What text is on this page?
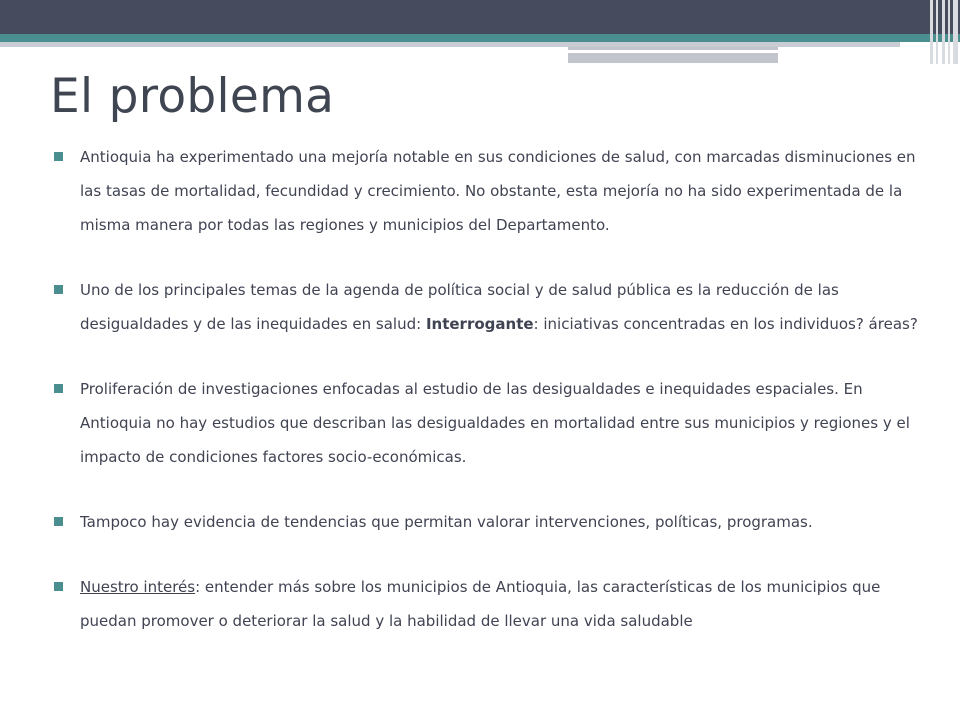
El problema
Antioquia ha experimentado una mejoría notable en sus condiciones de salud, con marcadas disminuciones en las tasas de mortalidad, fecundidad y crecimiento. No obstante, esta mejoría no ha sido experimentada de la misma manera por todas las regiones y municipios del Departamento.
Uno de los principales temas de la agenda de política social y de salud pública es la reducción de las desigualdades y de las inequidades en salud: Interrogante: iniciativas concentradas en los individuos? áreas?
Proliferación de investigaciones enfocadas al estudio de las desigualdades e inequidades espaciales. En Antioquia no hay estudios que describan las desigualdades en mortalidad entre sus municipios y regiones y el impacto de condiciones factores socio-económicas.
Tampoco hay evidencia de tendencias que permitan valorar intervenciones, políticas, programas.
Nuestro interés: entender más sobre los municipios de Antioquia, las características de los municipios que puedan promover o deteriorar la salud y la habilidad de llevar una vida saludable
